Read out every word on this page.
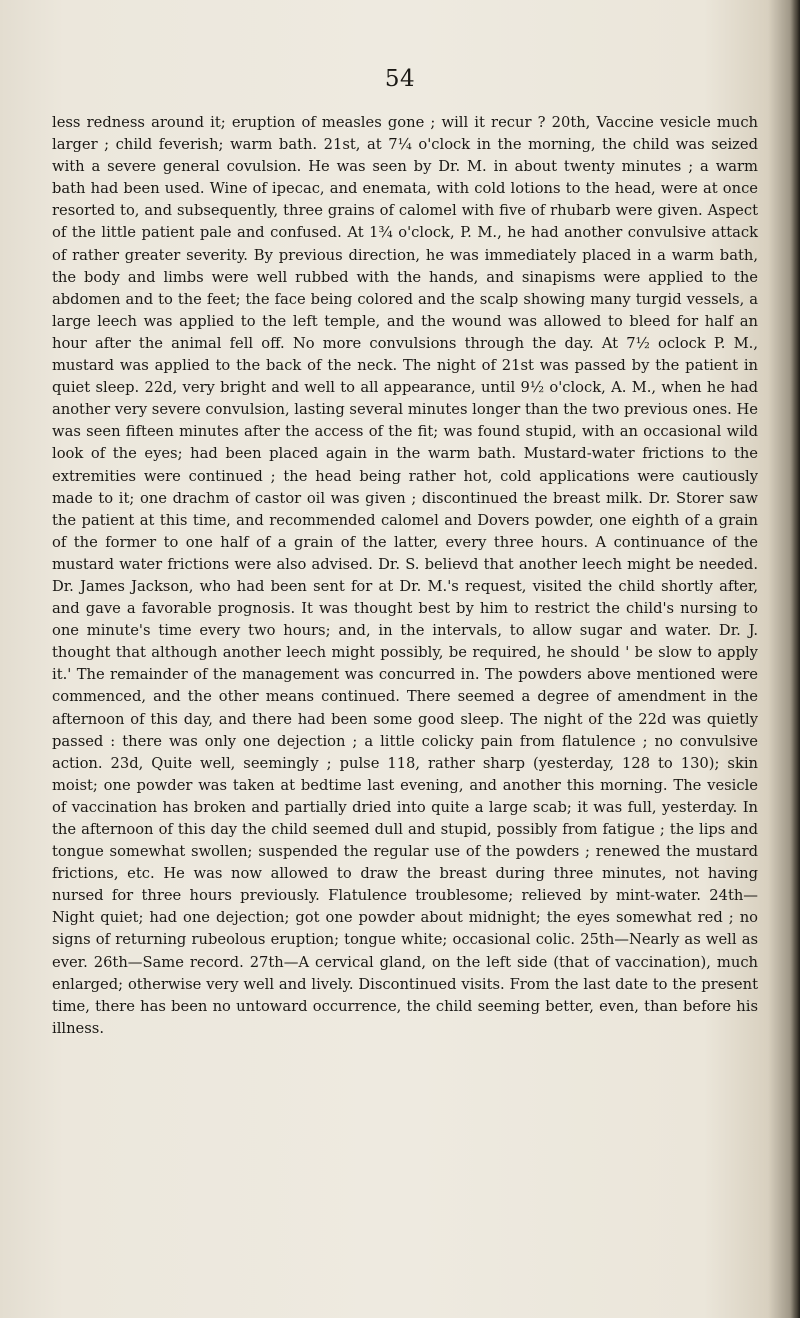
54

less redness around it; eruption of measles gone ; will it recur ? 20th, Vaccine vesicle much larger ; child feverish; warm bath. 21st, at 7¼ o'clock in the morning, the child was seized with a severe general covulsion. He was seen by Dr. M. in about twenty minutes ; a warm bath had been used. Wine of ipecac, and enemata, with cold lotions to the head, were at once resorted to, and subsequently, three grains of calomel with five of rhubarb were given. Aspect of the little patient pale and confused. At 1¾ o'clock, P. M., he had another convulsive attack of rather greater severity. By previous direction, he was immediately placed in a warm bath, the body and limbs were well rubbed with the hands, and sinapisms were applied to the abdomen and to the feet; the face being colored and the scalp showing many turgid vessels, a large leech was applied to the left temple, and the wound was allowed to bleed for half an hour after the animal fell off. No more convulsions through the day. At 7½ oclock P. M., mustard was applied to the back of the neck. The night of 21st was passed by the patient in quiet sleep. 22d, very bright and well to all appearance, until 9½ o'clock, A. M., when he had another very severe convulsion, lasting several minutes longer than the two previous ones. He was seen fifteen minutes after the access of the fit; was found stupid, with an occasional wild look of the eyes; had been placed again in the warm bath. Mustard-water frictions to the extremities were continued ; the head being rather hot, cold applications were cautiously made to it; one drachm of castor oil was given ; discontinued the breast milk. Dr. Storer saw the patient at this time, and recommended calomel and Dovers powder, one eighth of a grain of the former to one half of a grain of the latter, every three hours. A continuance of the mustard water frictions were also advised. Dr. S. believd that another leech might be needed. Dr. James Jackson, who had been sent for at Dr. M.'s request, visited the child shortly after, and gave a favorable prognosis. It was thought best by him to restrict the child's nursing to one minute's time every two hours; and, in the intervals, to allow sugar and water. Dr. J. thought that although another leech might possibly, be required, he should ' be slow to apply it.' The remainder of the management was concurred in. The powders above mentioned were commenced, and the other means continued. There seemed a degree of amendment in the afternoon of this day, and there had been some good sleep. The night of the 22d was quietly passed : there was only one dejection ; a little colicky pain from flatulence ; no convulsive action. 23d, Quite well, seemingly ; pulse 118, rather sharp (yesterday, 128 to 130); skin moist; one powder was taken at bedtime last evening, and another this morning. The vesicle of vaccination has broken and partially dried into quite a large scab; it was full, yesterday. In the afternoon of this day the child seemed dull and stupid, possibly from fatigue ; the lips and tongue somewhat swollen; suspended the regular use of the powders ; renewed the mustard frictions, etc. He was now allowed to draw the breast during three minutes, not having nursed for three hours previously. Flatulence troublesome; relieved by mint-water. 24th—Night quiet; had one dejection; got one powder about midnight; the eyes somewhat red ; no signs of returning rubeolous eruption; tongue white; occasional colic. 25th—Nearly as well as ever. 26th—Same record. 27th—A cervical gland, on the left side (that of vaccination), much enlarged; otherwise very well and lively. Discontinued visits. From the last date to the present time, there has been no untoward occurrence, the child seeming better, even, than before his illness.
